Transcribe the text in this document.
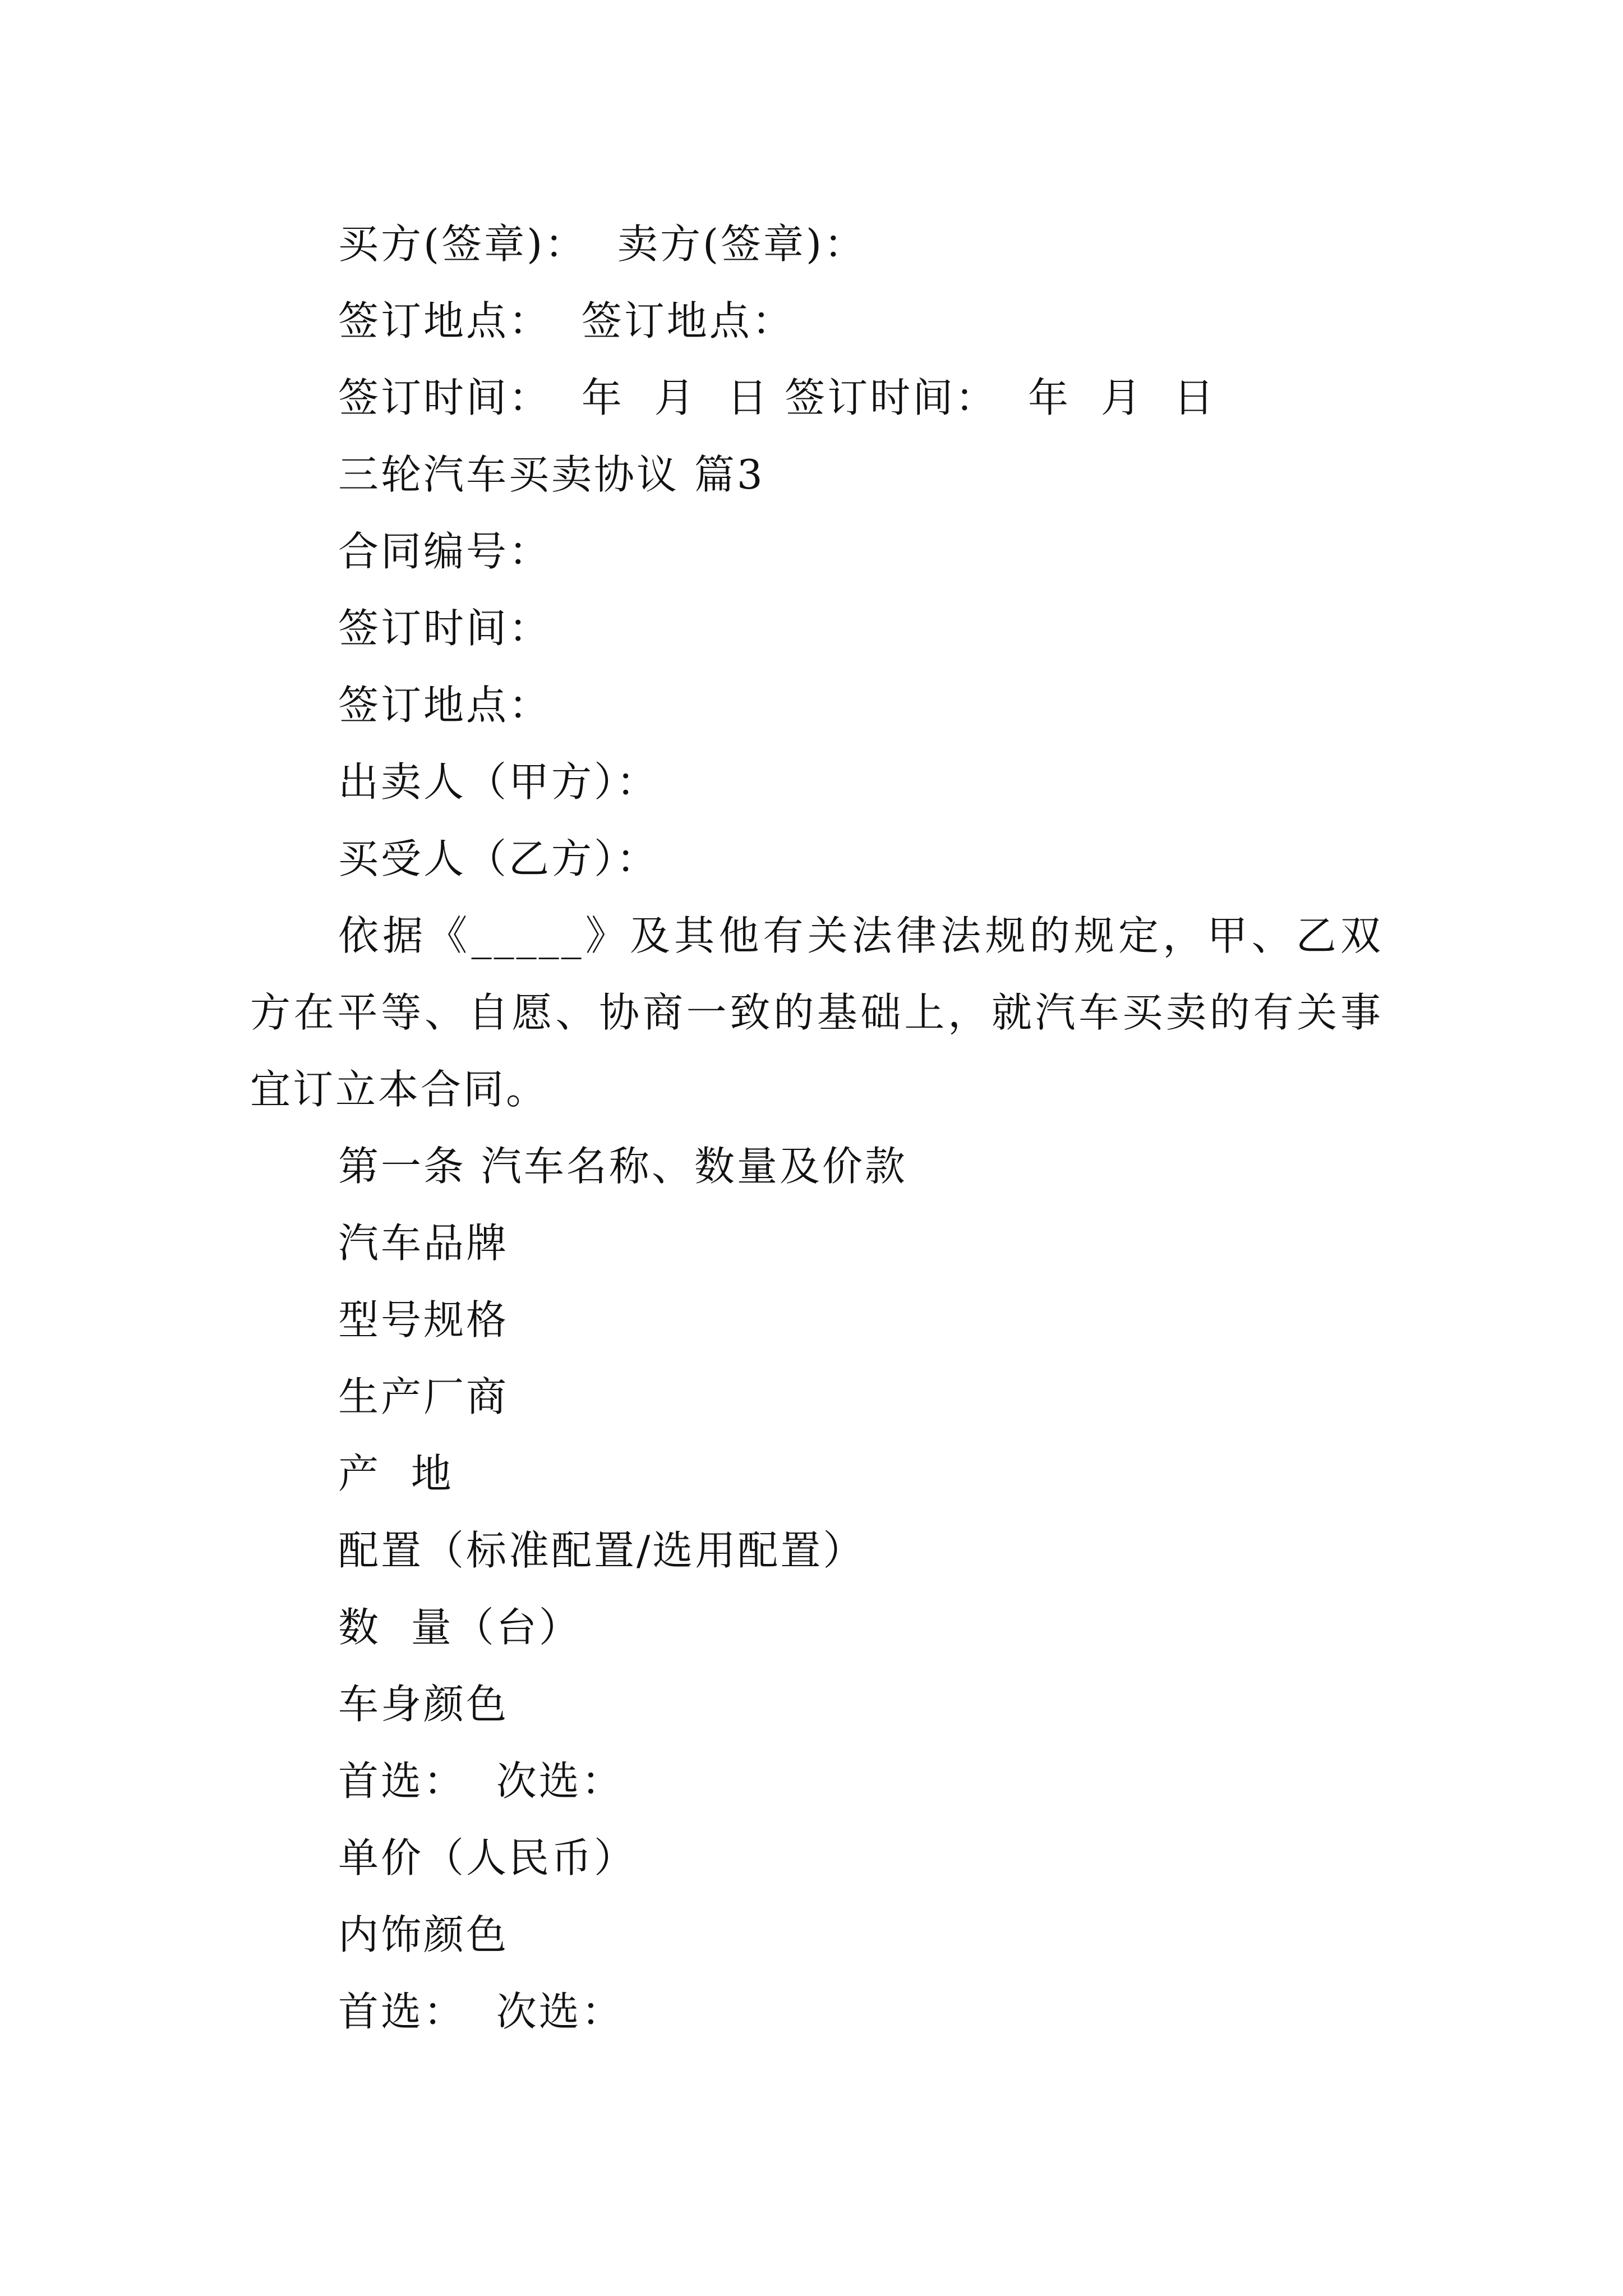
买方(签章)：  卖方(签章)：
签订地点：  签订地点：
签订时间：  年  月  日 签订时间：  年  月  日
三轮汽车买卖协议 篇3
合同编号：
签订时间：
签订地点：
出卖人（甲方）：
买受人（乙方）：
依据《_____》及其他有关法律法规的规定，甲、乙双方在平等、自愿、协商一致的基础上，就汽车买卖的有关事宜订立本合同。
第一条 汽车名称、数量及价款
汽车品牌
型号规格
生产厂商
产  地
配置（标准配置/选用配置）
数  量（台）
车身颜色
首选：  次选：
单价（人民币）
内饰颜色
首选：  次选：
